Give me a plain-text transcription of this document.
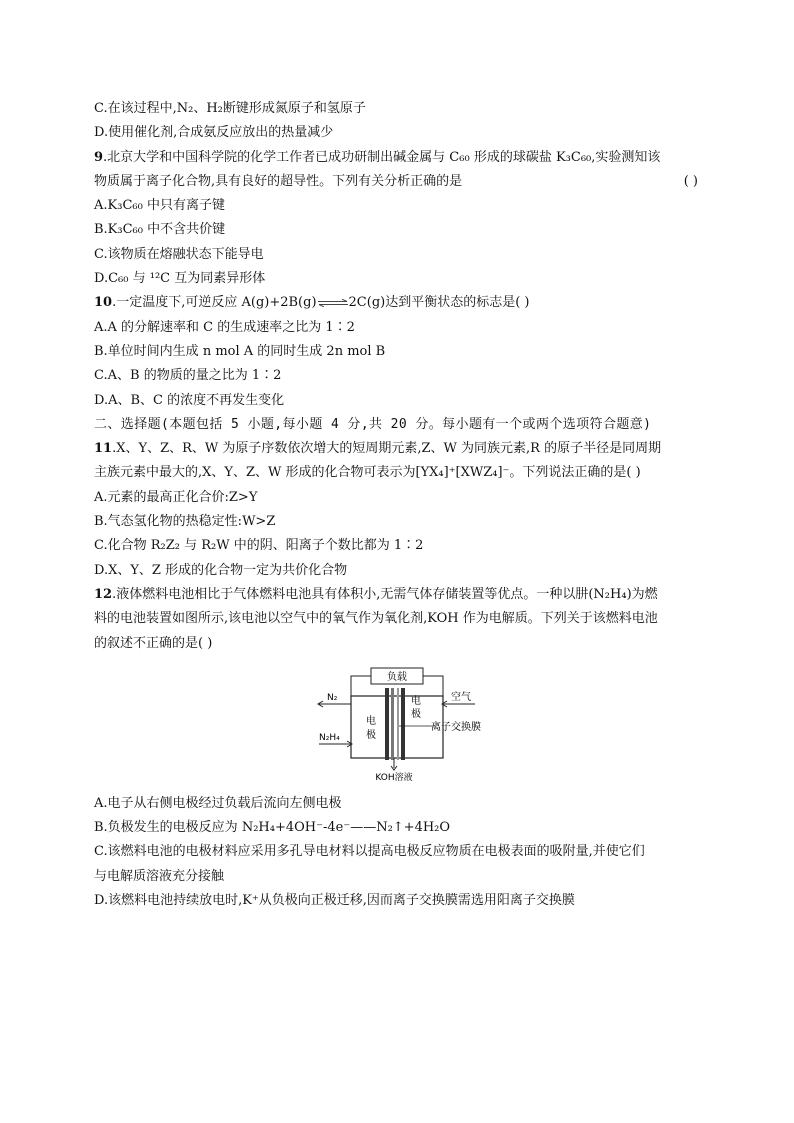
C.在该过程中,N₂、H₂断键形成氮原子和氢原子
D.使用催化剂,合成氨反应放出的热量减少
9.北京大学和中国科学院的化学工作者已成功研制出碱金属与 C₆₀ 形成的球碳盐 K₃C₆₀,实验测知该
物质属于离子化合物,具有良好的超导性。下列有关分析正确的是	( )
A.K₃C₆₀ 中只有离子键
B.K₃C₆₀ 中不含共价键
C.该物质在熔融状态下能导电
D.C₆₀ 与 ¹²C 互为同素异形体
10.一定温度下,可逆反应 A(g)+2B(g)⇌2C(g)达到平衡状态的标志是( )
A.A 的分解速率和 C 的生成速率之比为 1∶2
B.单位时间内生成 n mol A 的同时生成 2n mol B
C.A、B 的物质的量之比为 1∶2
D.A、B、C 的浓度不再发生变化
二、选择题(本题包括 5 小题,每小题 4 分,共 20 分。每小题有一个或两个选项符合题意)
11.X、Y、Z、R、W 为原子序数依次增大的短周期元素,Z、W 为同族元素,R 的原子半径是同周期
主族元素中最大的,X、Y、Z、W 形成的化合物可表示为[YX₄]⁺[XWZ₄]⁻。下列说法正确的是( )
A.元素的最高正化合价:Z>Y
B.气态氢化物的热稳定性:W>Z
C.化合物 R₂Z₂ 与 R₂W 中的阴、阳离子个数比都为 1∶2
D.X、Y、Z 形成的化合物一定为共价化合物
12.液体燃料电池相比于气体燃料电池具有体积小,无需气体存储装置等优点。一种以肼(N₂H₄)为燃
料的电池装置如图所示,该电池以空气中的氧气作为氧化剂,KOH 作为电解质。下列关于该燃料电池
的叙述不正确的是( )
负载
N₂
N₂H₄
电
极
空气
电
极
离子交换膜
KOH溶液
A.电子从右侧电极经过负载后流向左侧电极
B.负极发生的电极反应为 N₂H₄+4OH⁻-4e⁻——N₂↑+4H₂O
C.该燃料电池的电极材料应采用多孔导电材料以提高电极反应物质在电极表面的吸附量,并使它们
与电解质溶液充分接触
D.该燃料电池持续放电时,K⁺从负极向正极迁移,因而离子交换膜需选用阳离子交换膜
